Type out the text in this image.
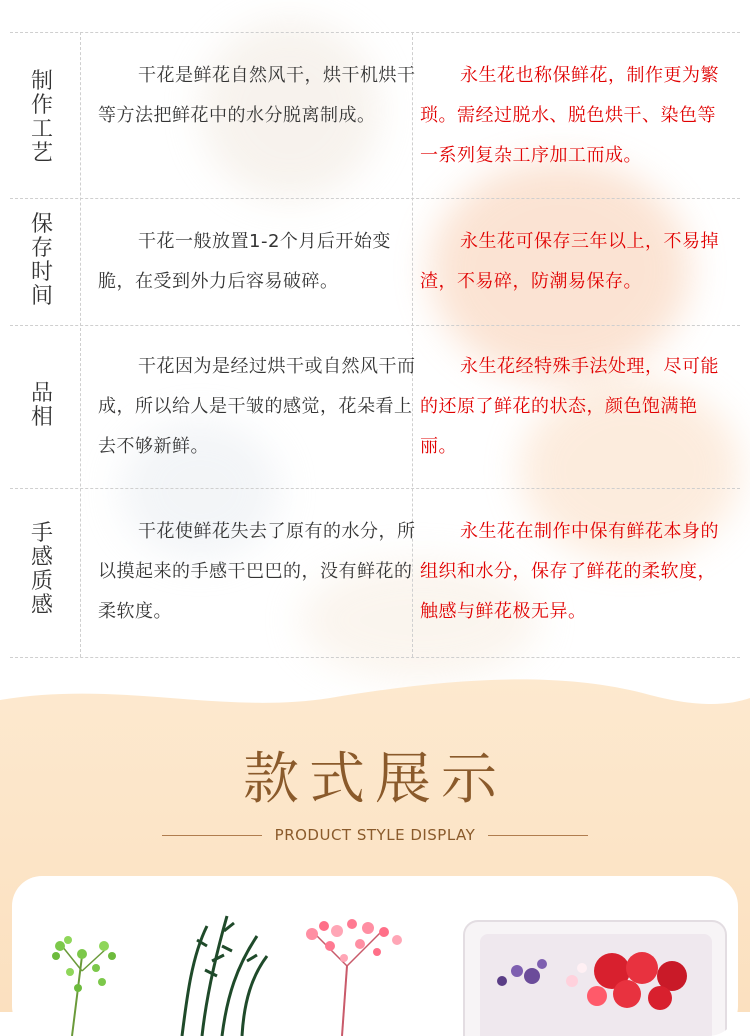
制作工艺
干花是鲜花自然风干，烘干机烘干等方法把鲜花中的水分脱离制成。
永生花也称保鲜花，制作更为繁琐。需经过脱水、脱色烘干、染色等一系列复杂工序加工而成。
保存时间
干花一般放置1-2个月后开始变脆，在受到外力后容易破碎。
永生花可保存三年以上，不易掉渣，不易碎，防潮易保存。
品相
干花因为是经过烘干或自然风干而成，所以给人是干皱的感觉，花朵看上去不够新鲜。
永生花经特殊手法处理，尽可能的还原了鲜花的状态，颜色饱满艳丽。
手感质感
干花使鲜花失去了原有的水分，所以摸起来的手感干巴巴的，没有鲜花的柔软度。
永生花在制作中保有鲜花本身的组织和水分，保存了鲜花的柔软度，触感与鲜花极无异。
款式展示
PRODUCT STYLE DISPLAY
